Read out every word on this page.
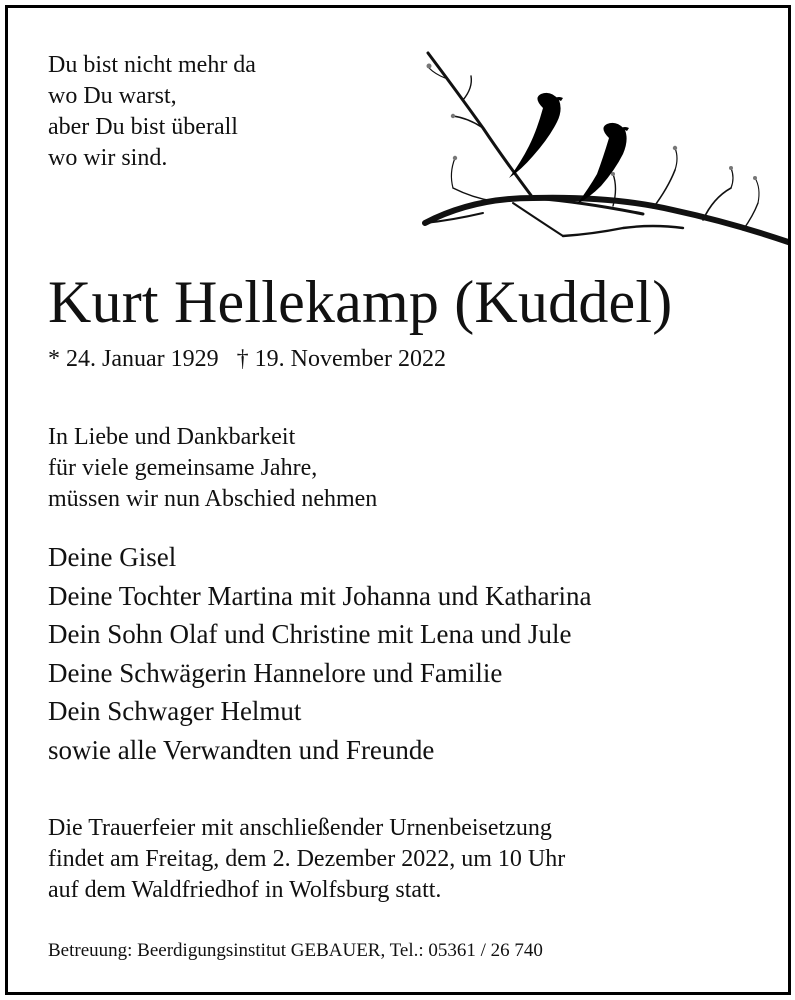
Du bist nicht mehr da
wo Du warst,
aber Du bist überall
wo wir sind.
Kurt Hellekamp (Kuddel)
* 24. Januar 1929 † 19. November 2022
In Liebe und Dankbarkeit
für viele gemeinsame Jahre,
müssen wir nun Abschied nehmen
Deine Gisel
Deine Tochter Martina mit Johanna und Katharina
Dein Sohn Olaf und Christine mit Lena und Jule
Deine Schwägerin Hannelore und Familie
Dein Schwager Helmut
sowie alle Verwandten und Freunde
Die Trauerfeier mit anschließender Urnenbeisetzung
findet am Freitag, dem 2. Dezember 2022, um 10 Uhr
auf dem Waldfriedhof in Wolfsburg statt.
Betreuung: Beerdigungsinstitut GEBAUER, Tel.: 05361 / 26 740
